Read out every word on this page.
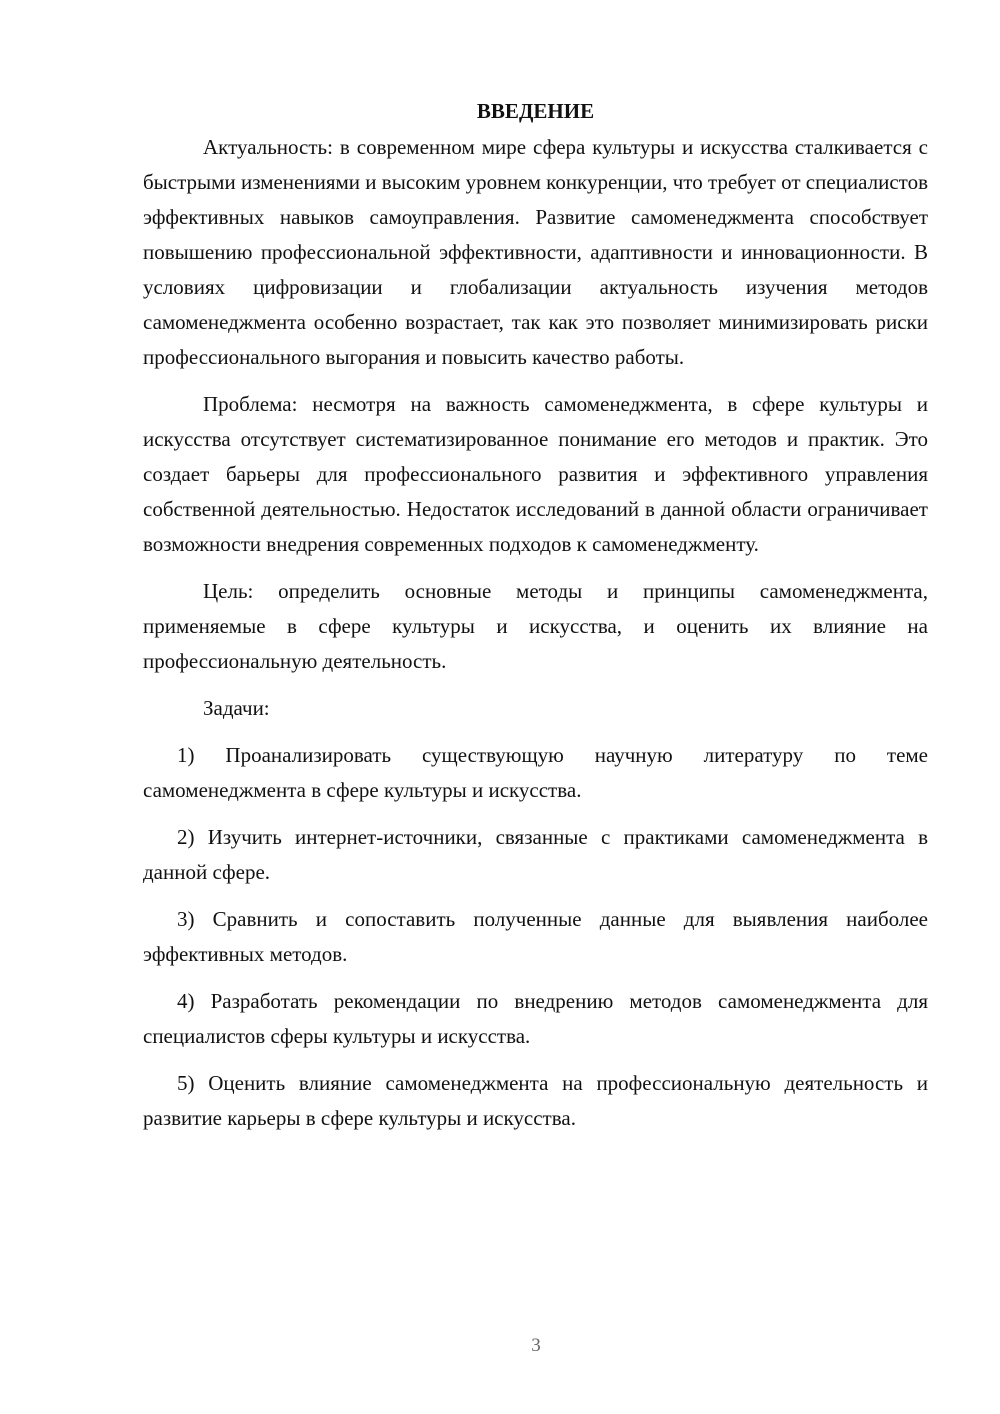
ВВЕДЕНИЕ

Актуальность: в современном мире сфера культуры и искусства сталкивается с быстрыми изменениями и высоким уровнем конкуренции, что требует от специалистов эффективных навыков самоуправления. Развитие самоменеджмента способствует повышению профессиональной эффективности, адаптивности и инновационности. В условиях цифровизации и глобализации актуальность изучения методов самоменеджмента особенно возрастает, так как это позволяет минимизировать риски профессионального выгорания и повысить качество работы.

Проблема: несмотря на важность самоменеджмента, в сфере культуры и искусства отсутствует систематизированное понимание его методов и практик. Это создает барьеры для профессионального развития и эффективного управления собственной деятельностью. Недостаток исследований в данной области ограничивает возможности внедрения современных подходов к самоменеджменту.

Цель: определить основные методы и принципы самоменеджмента, применяемые в сфере культуры и искусства, и оценить их влияние на профессиональную деятельность.

Задачи:

1) Проанализировать существующую научную литературу по теме самоменеджмента в сфере культуры и искусства.

2) Изучить интернет-источники, связанные с практиками самоменеджмента в данной сфере.

3) Сравнить и сопоставить полученные данные для выявления наиболее эффективных методов.

4) Разработать рекомендации по внедрению методов самоменеджмента для специалистов сферы культуры и искусства.

5) Оценить влияние самоменеджмента на профессиональную деятельность и развитие карьеры в сфере культуры и искусства.

3
